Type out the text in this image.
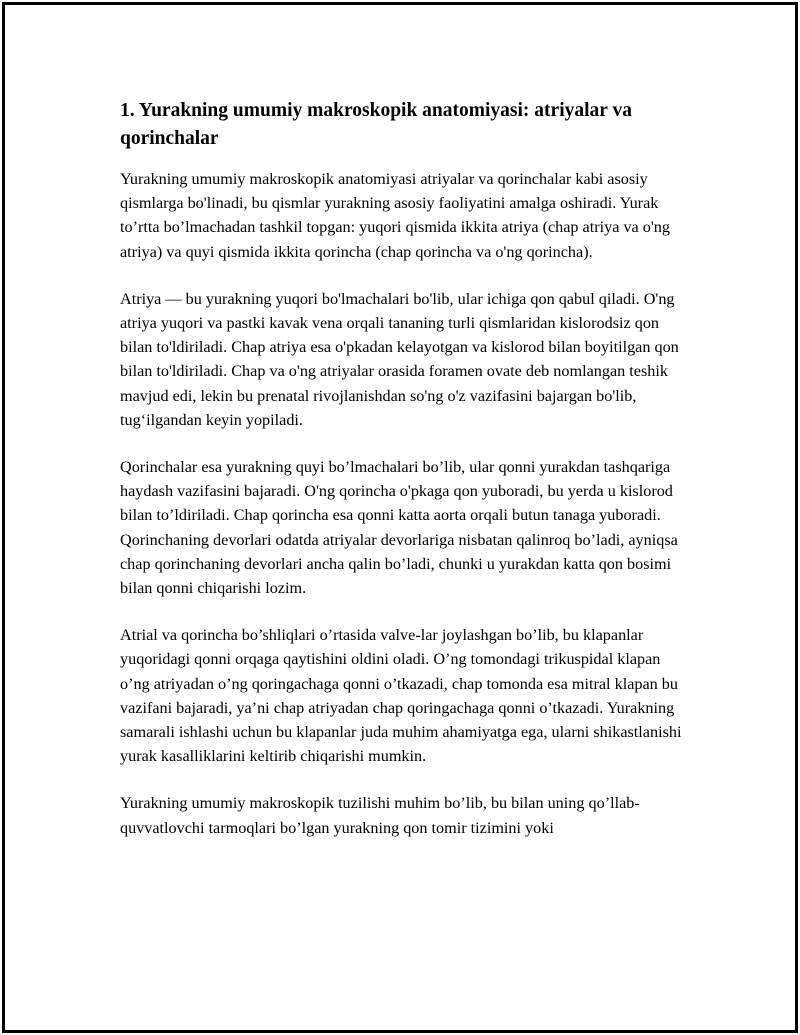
1. Yurakning umumiy makroskopik anatomiyasi: atriyalar va qorinchalar

Yurakning umumiy makroskopik anatomiyasi atriyalar va qorinchalar kabi asosiy qismlarga bo'linadi, bu qismlar yurakning asosiy faoliyatini amalga oshiradi. Yurak to’rtta bo’lmachadan tashkil topgan: yuqori qismida ikkita atriya (chap atriya va o'ng atriya) va quyi qismida ikkita qorincha (chap qorincha va o'ng qorincha).

Atriya — bu yurakning yuqori bo'lmachalari bo'lib, ular ichiga qon qabul qiladi. O'ng atriya yuqori va pastki kavak vena orqali tananing turli qismlaridan kislorodsiz qon bilan to'ldiriladi. Chap atriya esa o'pkadan kelayotgan va kislorod bilan boyitilgan qon bilan to'ldiriladi. Chap va o'ng atriyalar orasida foramen ovate deb nomlangan teshik mavjud edi, lekin bu prenatal rivojlanishdan so'ng o'z vazifasini bajargan bo'lib, tug‘ilgandan keyin yopiladi.

Qorinchalar esa yurakning quyi bo’lmachalari bo’lib, ular qonni yurakdan tashqariga haydash vazifasini bajaradi. O'ng qorincha o'pkaga qon yuboradi, bu yerda u kislorod bilan to’ldiriladi. Chap qorincha esa qonni katta aorta orqali butun tanaga yuboradi. Qorinchaning devorlari odatda atriyalar devorlariga nisbatan qalinroq bo’ladi, ayniqsa chap qorinchaning devorlari ancha qalin bo’ladi, chunki u yurakdan katta qon bosimi bilan qonni chiqarishi lozim.

Atrial va qorincha bo’shliqlari o’rtasida valve-lar joylashgan bo’lib, bu klapanlar yuqoridagi qonni orqaga qaytishini oldini oladi. O’ng tomondagi trikuspidal klapan o’ng atriyadan o’ng qoringachaga qonni o’tkazadi, chap tomonda esa mitral klapan bu vazifani bajaradi, ya’ni chap atriyadan chap qoringachaga qonni o’tkazadi. Yurakning samarali ishlashi uchun bu klapanlar juda muhim ahamiyatga ega, ularni shikastlanishi yurak kasalliklarini keltirib chiqarishi mumkin.

Yurakning umumiy makroskopik tuzilishi muhim bo’lib, bu bilan uning qo’llab-quvvatlovchi tarmoqlari bo’lgan yurakning qon tomir tizimini yoki
